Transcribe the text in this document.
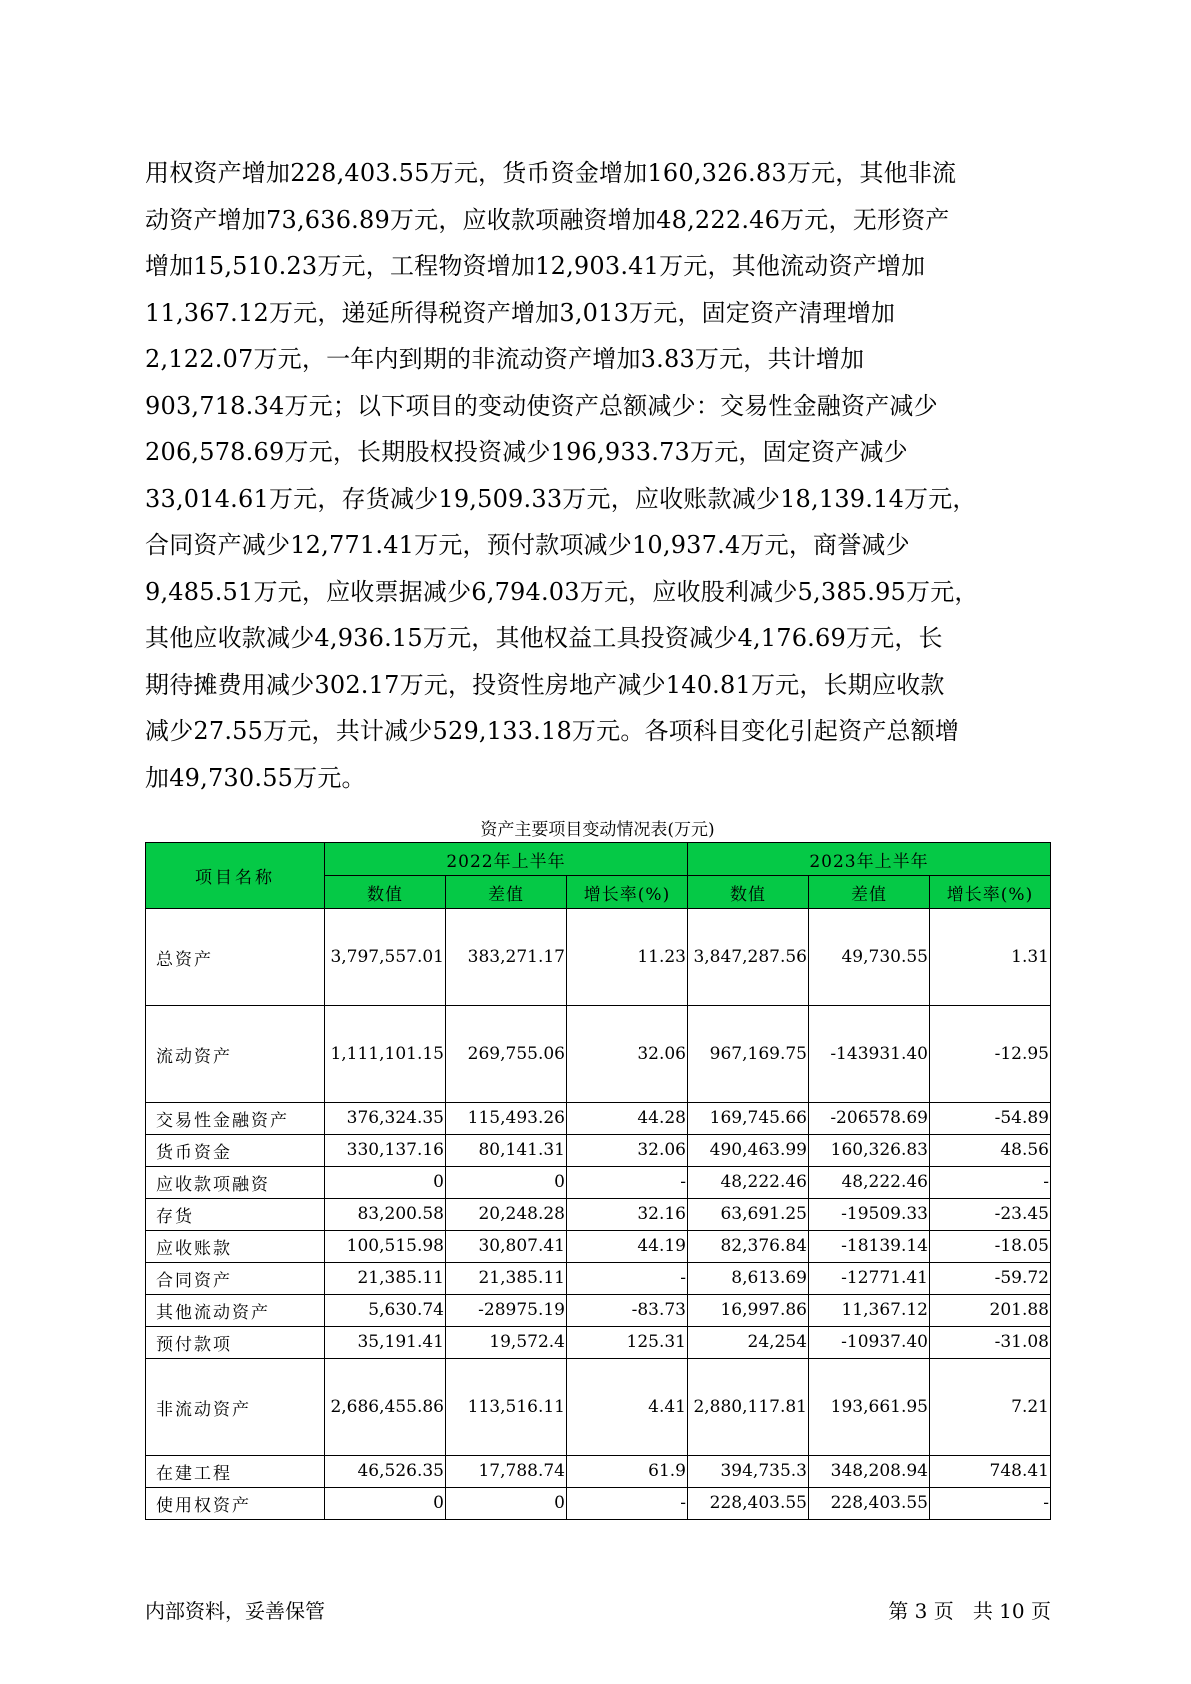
用权资产增加228,403.55万元，货币资金增加160,326.83万元，其他非流
动资产增加73,636.89万元，应收款项融资增加48,222.46万元，无形资产
增加15,510.23万元，工程物资增加12,903.41万元，其他流动资产增加
11,367.12万元，递延所得税资产增加3,013万元，固定资产清理增加
2,122.07万元，一年内到期的非流动资产增加3.83万元，共计增加
903,718.34万元；以下项目的变动使资产总额减少：交易性金融资产减少
206,578.69万元，长期股权投资减少196,933.73万元，固定资产减少
33,014.61万元，存货减少19,509.33万元，应收账款减少18,139.14万元，
合同资产减少12,771.41万元，预付款项减少10,937.4万元，商誉减少
9,485.51万元，应收票据减少6,794.03万元，应收股利减少5,385.95万元，
其他应收款减少4,936.15万元，其他权益工具投资减少4,176.69万元，长
期待摊费用减少302.17万元，投资性房地产减少140.81万元，长期应收款
减少27.55万元，共计减少529,133.18万元。各项科目变化引起资产总额增
加49,730.55万元。
资产主要项目变动情况表(万元)
项目名称	2022年上半年			2023年上半年		
	数值	差值	增长率(%)	数值	差值	增长率(%)
总资产	3,797,557.01	383,271.17	11.23	3,847,287.56	49,730.55	1.31
流动资产	1,111,101.15	269,755.06	32.06	967,169.75	-143931.40	-12.95
交易性金融资产	376,324.35	115,493.26	44.28	169,745.66	-206578.69	-54.89
货币资金	330,137.16	80,141.31	32.06	490,463.99	160,326.83	48.56
应收款项融资	0	0	-	48,222.46	48,222.46	-
存货	83,200.58	20,248.28	32.16	63,691.25	-19509.33	-23.45
应收账款	100,515.98	30,807.41	44.19	82,376.84	-18139.14	-18.05
合同资产	21,385.11	21,385.11	-	8,613.69	-12771.41	-59.72
其他流动资产	5,630.74	-28975.19	-83.73	16,997.86	11,367.12	201.88
预付款项	35,191.41	19,572.4	125.31	24,254	-10937.40	-31.08
非流动资产	2,686,455.86	113,516.11	4.41	2,880,117.81	193,661.95	7.21
在建工程	46,526.35	17,788.74	61.9	394,735.3	348,208.94	748.41
使用权资产	0	0	-	228,403.55	228,403.55	-
内部资料，妥善保管	第 3 页   共 10 页
